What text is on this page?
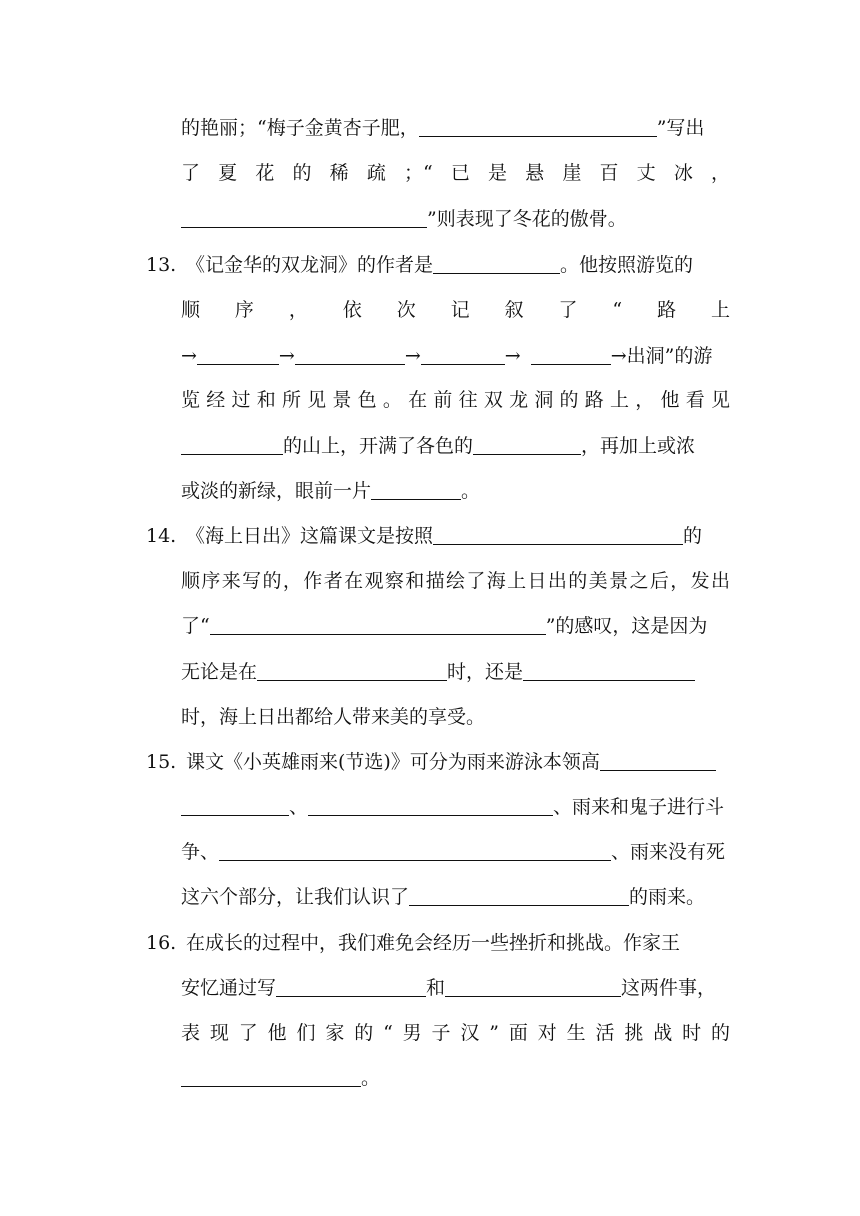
的艳丽；“梅子金黄杏子肥，	”写出
了夏花的稀疏；“已是悬崖百丈冰，
”则表现了冬花的傲骨。
13. 《记金华的双龙洞》的作者是	。他按照游览的
顺序，依次记叙了“路上
→	→	→	→	→出洞”的游
览经过和所见景色。在前往双龙洞的路上，他看见
的山上，开满了各色的	，再加上或浓
或淡的新绿，眼前一片	。
14. 《海上日出》这篇课文是按照	的
顺序来写的，作者在观察和描绘了海上日出的美景之后，发出
了“	”的感叹，这是因为
无论是在	时，还是
时，海上日出都给人带来美的享受。
15. 课文《小英雄雨来(节选)》可分为雨来游泳本领高
、	、雨来和鬼子进行斗
争、	、雨来没有死
这六个部分，让我们认识了	的雨来。
16. 在成长的过程中，我们难免会经历一些挫折和挑战。作家王
安忆通过写	和	这两件事，
表现了他们家的“男子汉”面对生活挑战时的
。
